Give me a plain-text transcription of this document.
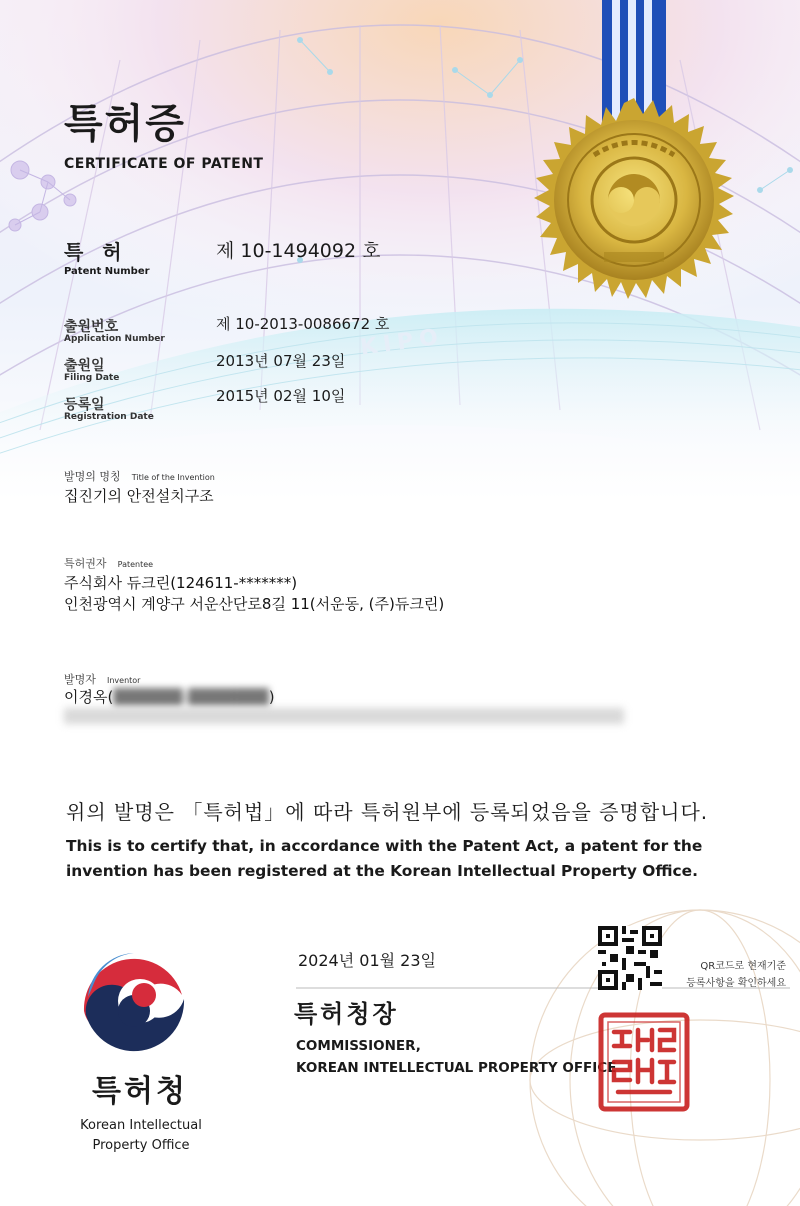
특허증
CERTIFICATE OF PATENT
KIPO
특 허
Patent Number
제 10-1494092 호
출원번호
Application Number
제 10-2013-0086672 호
출원일
Filing Date
2013년 07월 23일
등록일
Registration Date
2015년 02월 10일
발명의 명칭 Title of the Invention
집진기의 안전설치구조
특허권자 Patentee
주식회사 듀크린(124611-*******)
인천광역시 계양구 서운산단로8길 11(서운동, (주)듀크린)
발명자 Inventor
이경옥(██████-███████)
위의 발명은 「특허법」에 따라 특허원부에 등록되었음을 증명합니다.
This is to certify that, in accordance with the Patent Act, a patent for the
invention has been registered at the Korean Intellectual Property Office.
2024년 01월 23일	QR코드로 현재기준
등록사항을 확인하세요
특허청장
COMMISSIONER,
KOREAN INTELLECTUAL PROPERTY OFFICE
특허청
Korean Intellectual
Property Office
